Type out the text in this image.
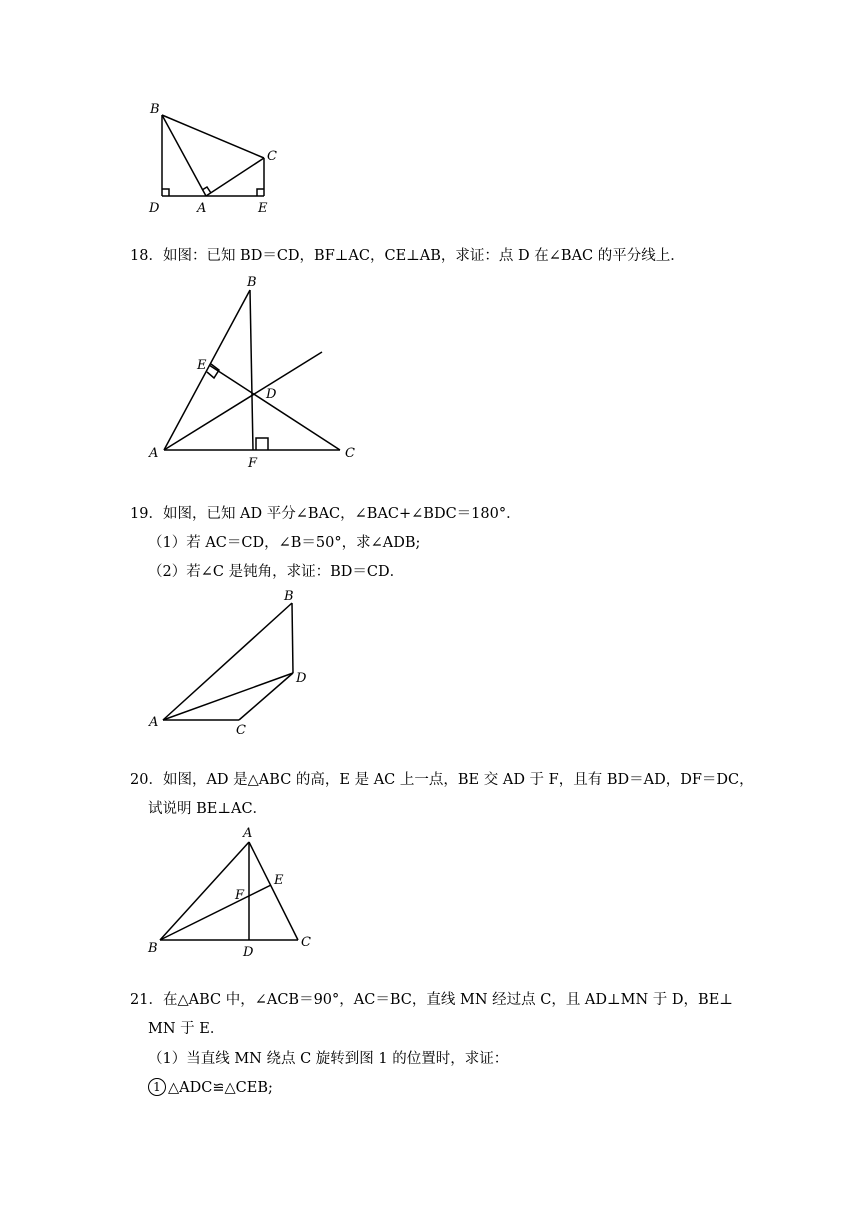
B
C
D	A	E
18．如图：已知 BD＝CD，BF⊥AC，CE⊥AB，求证：点 D 在∠BAC 的平分线上．
B
E
D
A
F
C
19．如图，已知 AD 平分∠BAC，∠BAC+∠BDC＝180°．
（1）若 AC＝CD，∠B＝50°，求∠ADB;
（2）若∠C 是钝角，求证：BD＝CD．
B
D
A
C
20．如图，AD 是△ABC 的高，E 是 AC 上一点，BE 交 AD 于 F，且有 BD＝AD，DF＝DC，
试说明 BE⊥AC．
A
E
F
B	D
C
21．在△ABC 中，∠ACB＝90°，AC＝BC，直线 MN 经过点 C，且 AD⊥MN 于 D，BE⊥
MN 于 E．
（1）当直线 MN 绕点 C 旋转到图 1 的位置时，求证：
1 △ADC≌△CEB;
